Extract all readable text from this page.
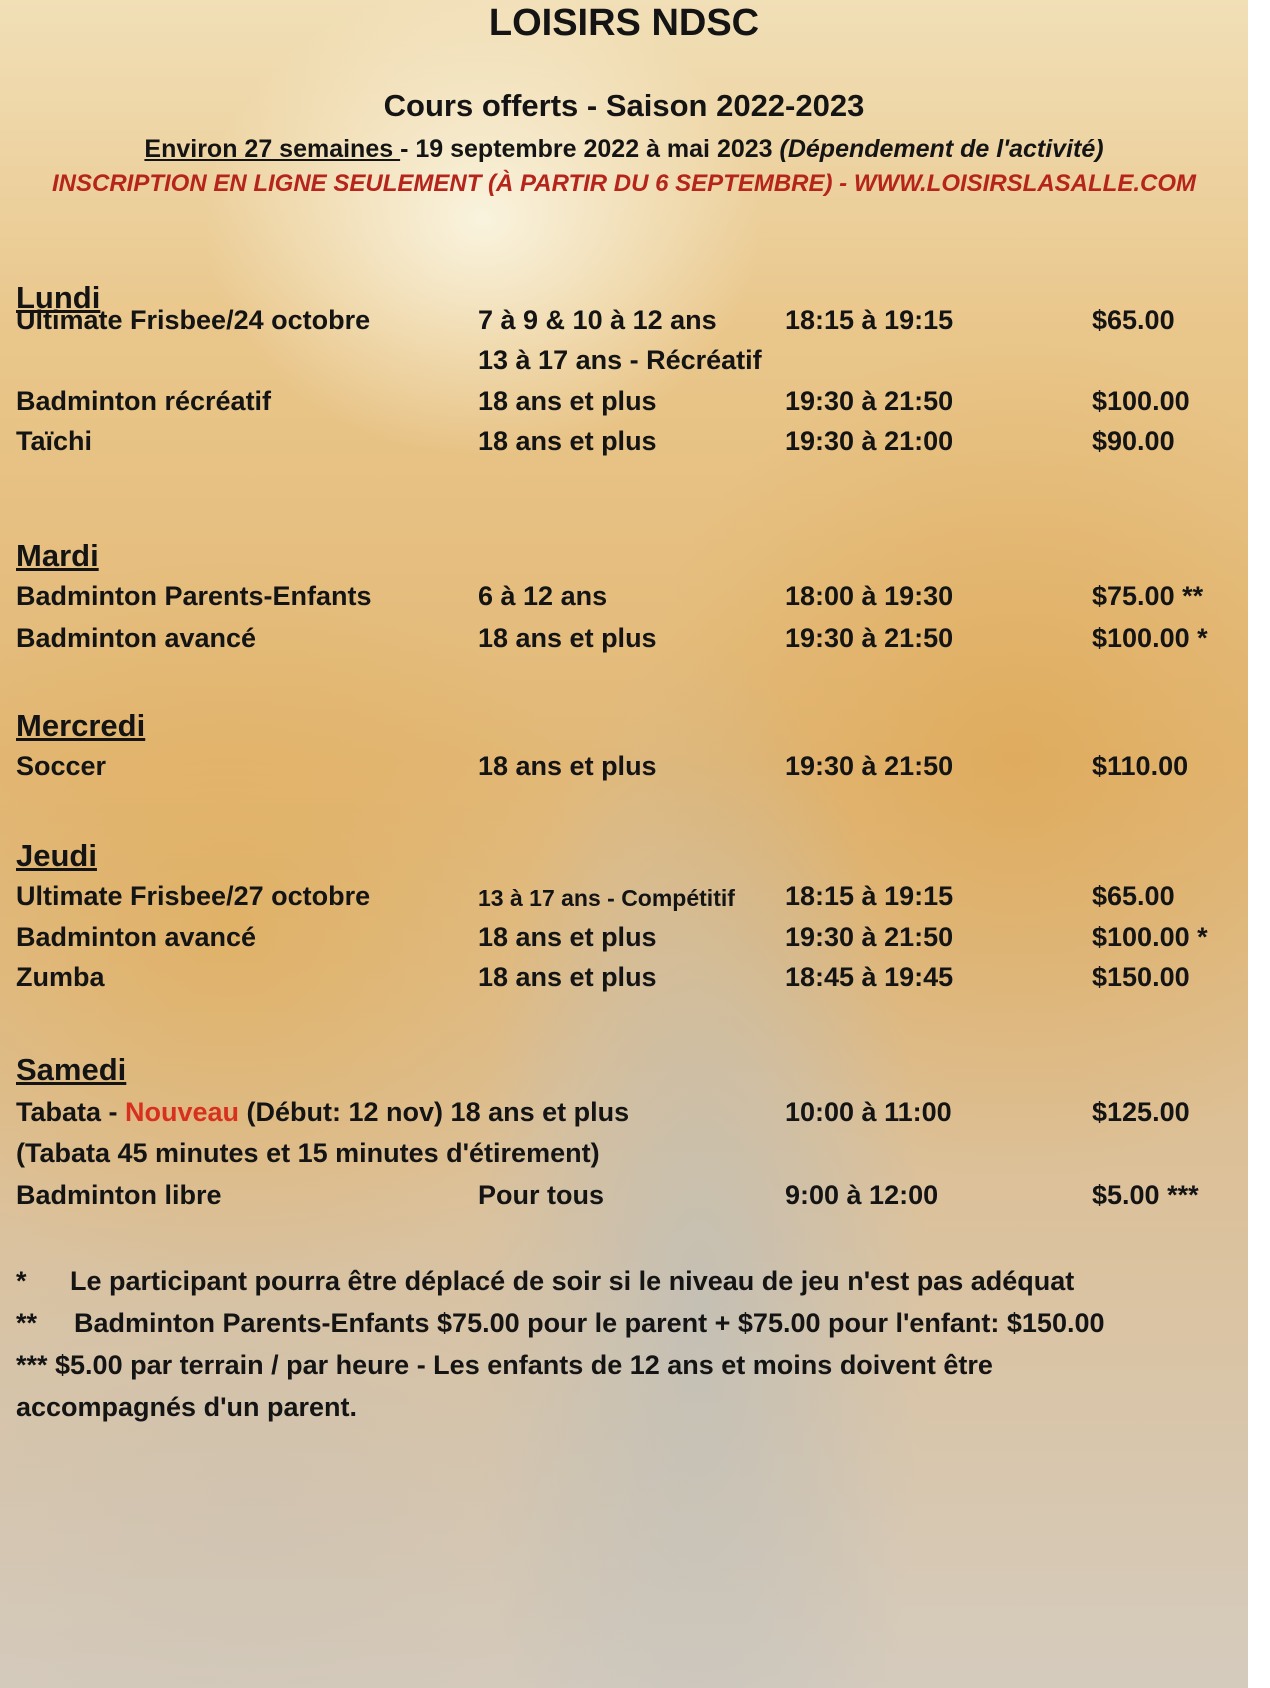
LOISIRS NDSC
Cours offerts - Saison 2022-2023
Environ 27 semaines - 19 septembre 2022 à mai 2023 (Dépendement de l'activité)
INSCRIPTION EN LIGNE SEULEMENT (À PARTIR DU 6 SEPTEMBRE) - WWW.LOISIRSLASALLE.COM
Lundi
Ultimate Frisbee/24 octobre	7 à 9 & 10 à 12 ans	18:15 à 19:15	$65.00
13 à 17 ans - Récréatif
Badminton récréatif	18 ans et plus	19:30 à 21:50	$100.00
Taïchi	18 ans et plus	19:30 à 21:00	$90.00
Mardi
Badminton Parents-Enfants	6 à 12 ans	18:00 à 19:30	$75.00 **
Badminton avancé	18 ans et plus	19:30 à 21:50	$100.00 *
Mercredi
Soccer	18 ans et plus	19:30 à 21:50	$110.00
Jeudi
Ultimate Frisbee/27 octobre	13 à 17 ans - Compétitif 18:15 à 19:15	$65.00
Badminton avancé	18 ans et plus	19:30 à 21:50	$100.00 *
Zumba	18 ans et plus	18:45 à 19:45	$150.00
Samedi
Tabata - Nouveau (Début: 12 nov) 18 ans et plus	10:00 à 11:00	$125.00
(Tabata 45 minutes et 15 minutes d'étirement)
Badminton libre	Pour tous	9:00 à 12:00	$5.00 ***
* Le participant pourra être déplacé de soir si le niveau de jeu n'est pas adéquat
** Badminton Parents-Enfants $75.00 pour le parent + $75.00 pour l'enfant: $150.00
*** $5.00 par terrain / par heure - Les enfants de 12 ans et moins doivent être
accompagnés d'un parent.
